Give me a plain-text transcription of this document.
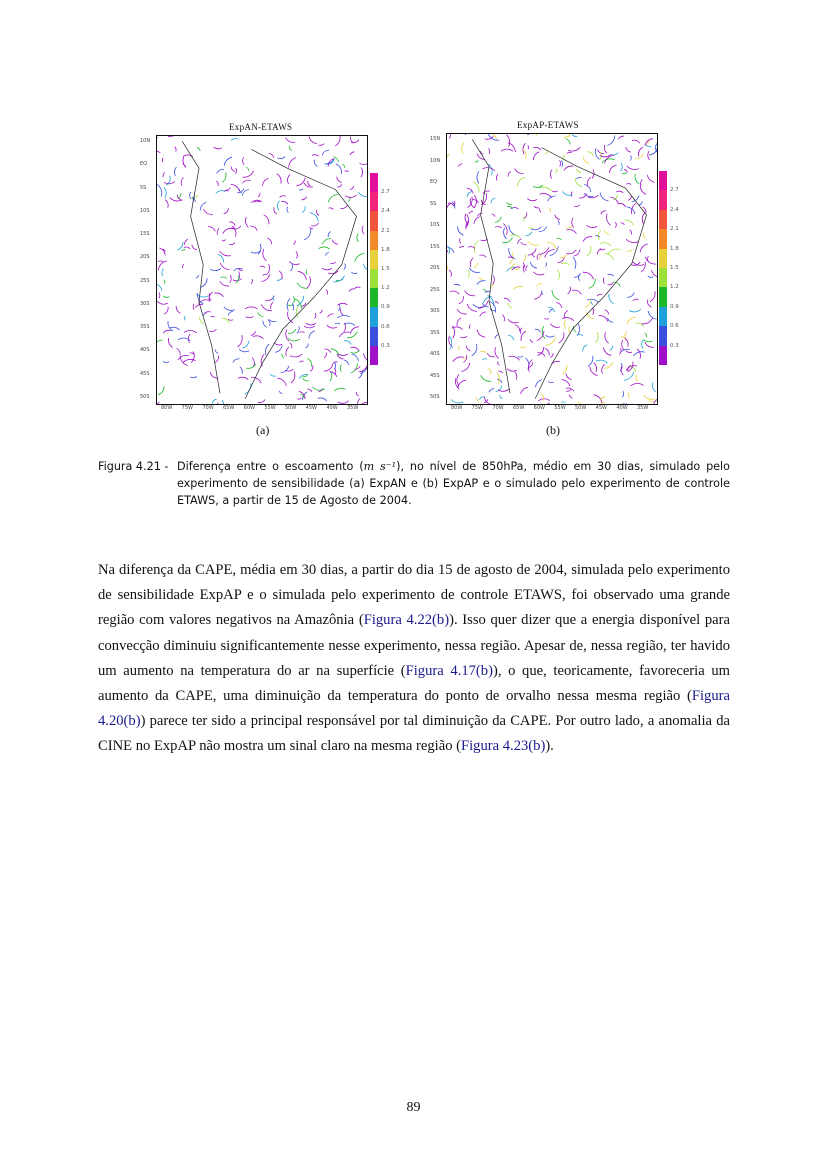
ExpAN-ETAWS
10N
EQ
5S
10S
15S
20S
25S
30S
35S
40S
45S
50S
80W 75W 70W 65W 60W 55W 50W 45W 40W 35W
2.7
2.4
2.1
1.8
1.5
1.2
0.9
0.6
0.3
(a)
ExpAP-ETAWS
15N
10N
EQ
5S
10S
15S
20S
25S
30S
35S
40S
45S
50S
80W 75W 70W 65W 60W 55W 50W 45W 40W 35W
2.7
2.4
2.1
1.8
1.5
1.2
0.9
0.6
0.3
(b)
Figura 4.21 - Diferença entre o escoamento (m s⁻¹), no nível de 850hPa, médio em 30 dias, simulado pelo experimento de sensibilidade (a) ExpAN e (b) ExpAP e o simulado pelo experimento de controle ETAWS, a partir de 15 de Agosto de 2004.
Na diferença da CAPE, média em 30 dias, a partir do dia 15 de agosto de 2004, simulada pelo experimento de sensibilidade ExpAP e o simulada pelo experimento de controle ETAWS, foi observado uma grande região com valores negativos na Amazônia (Figura 4.22(b)). Isso quer dizer que a energia disponível para convecção diminuiu significantemente nesse experimento, nessa região. Apesar de, nessa região, ter havido um aumento na temperatura do ar na superfície (Figura 4.17(b)), o que, teoricamente, favoreceria um aumento da CAPE, uma diminuição da temperatura do ponto de orvalho nessa mesma região (Figura 4.20(b)) parece ter sido a principal responsável por tal diminuição da CAPE. Por outro lado, a anomalia da CINE no ExpAP não mostra um sinal claro na mesma região (Figura 4.23(b)).
89
